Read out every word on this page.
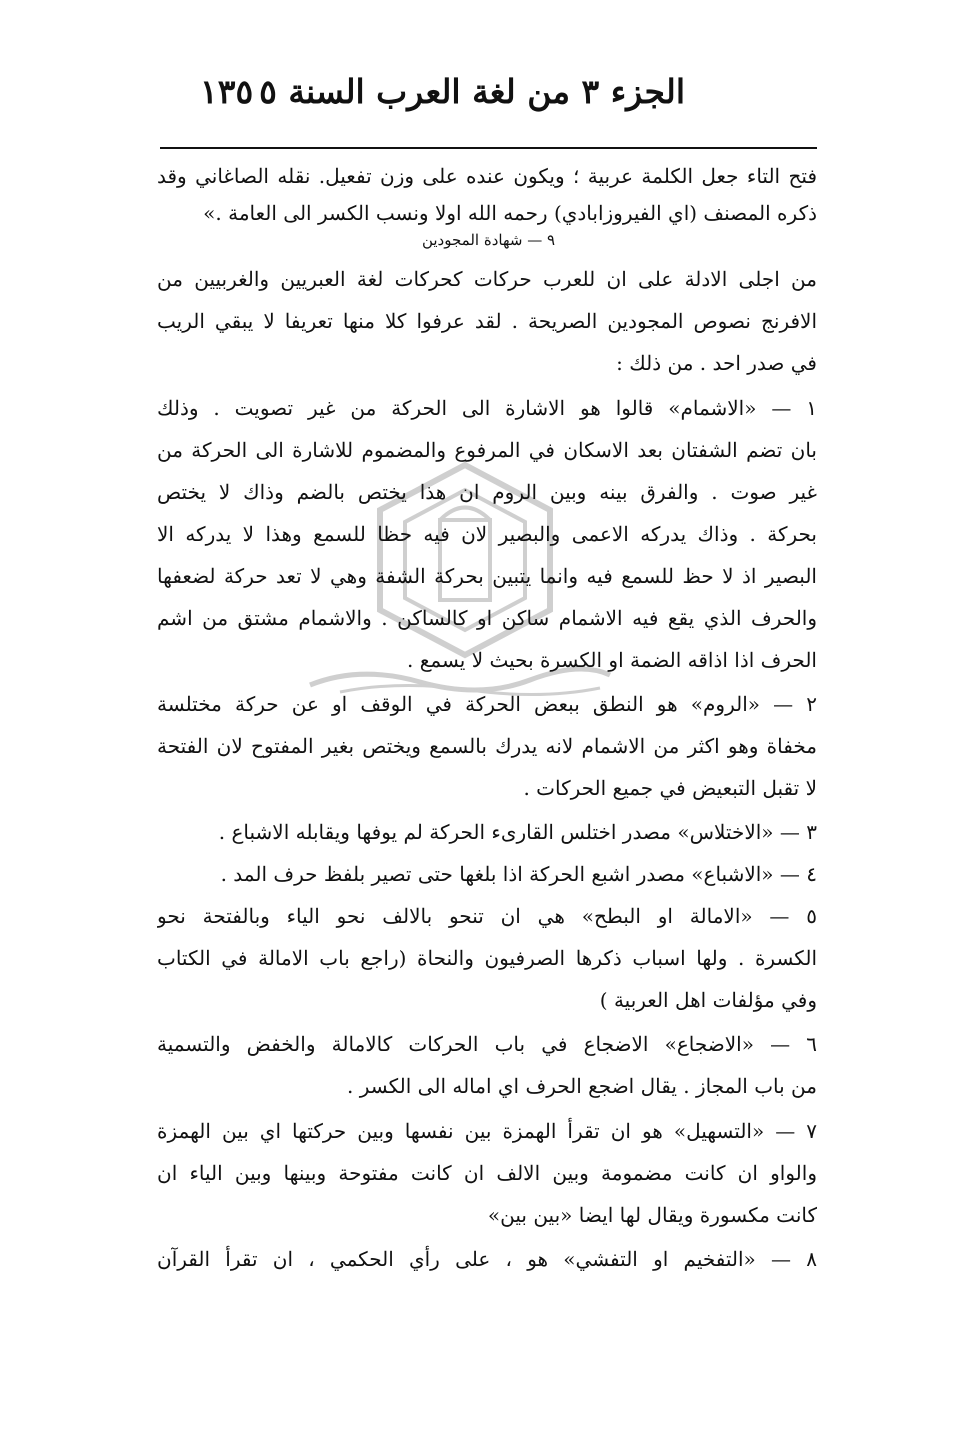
الجزء ٣ من لغة العرب السنة ٥
١٣٥
فتح التاء جعل الكلمة عربية ؛ ويكون عنده على وزن تفعيل. نقله الصاغاني وقد
ذكره المصنف (اي الفيروزابادي) رحمه الله اولا ونسب الكسر الى العامة .»
٩ — شهادة المجودين
من اجلى الادلة على ان للعرب حركات كحركات لغة العبريين والغربيين من
الافرنج نصوص المجودين الصريحة . لقد عرفوا كلا منها تعريفا لا يبقي الريب
في صدر احد . من ذلك :
١ — «الاشمام» قالوا هو الاشارة الى الحركة من غير تصويت . وذلك
بان تضم الشفتان بعد الاسكان في المرفوع والمضموم للاشارة الى الحركة من
غير صوت . والفرق بينه وبين الروم ان هذا يختص بالضم وذاك لا يختص
بحركة . وذاك يدركه الاعمى والبصير لان فيه حظا للسمع وهذا لا يدركه الا
البصير اذ لا حظ للسمع فيه وانما يتبين بحركة الشفة وهي لا تعد حركة لضعفها
والحرف الذي يقع فيه الاشمام ساكن او كالساكن . والاشمام مشتق من اشم
الحرف اذا اذاقه الضمة او الكسرة بحيث لا يسمع .
٢ — «الروم» هو النطق ببعض الحركة في الوقف او عن حركة مختلسة
مخفاة وهو اكثر من الاشمام لانه يدرك بالسمع ويختص بغير المفتوح لان الفتحة
لا تقبل التبعيض في جميع الحركات .
٣ — «الاختلاس» مصدر اختلس القارىء الحركة لم يوفها ويقابله الاشباع .
٤ — «الاشباع» مصدر اشبع الحركة اذا بلغها حتى تصير بلفظ حرف المد .
٥ — «الامالة او البطح» هي ان تنحو بالالف نحو الياء وبالفتحة نحو
الكسرة . ولها اسباب ذكرها الصرفيون والنحاة (راجع باب الامالة في الكتاب
وفي مؤلفات اهل العربية )
٦ — «الاضجاع» الاضجاع في باب الحركات كالامالة والخفض والتسمية
من باب المجاز . يقال اضجع الحرف اي اماله الى الكسر .
٧ — «التسهيل» هو ان تقرأ الهمزة بين نفسها وبين حركتها اي بين الهمزة
والواو ان كانت مضمومة وبين الالف ان كانت مفتوحة وبينها وبين الياء ان
كانت مكسورة ويقال لها ايضا «بين بين»
٨ — «التفخيم او التفشي» هو ، على رأي الحكمي ، ان تقرأ القرآن
